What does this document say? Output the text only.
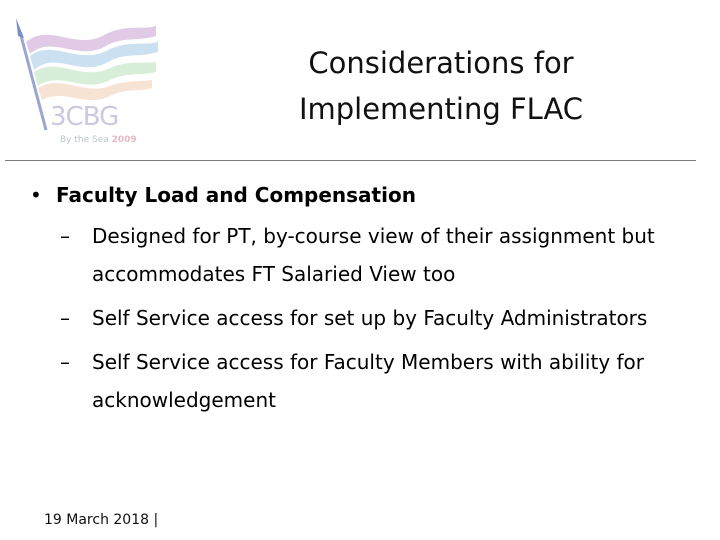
3CBG
By the Sea 2009
Considerations for
Implementing FLAC
• Faculty Load and Compensation
–	Designed for PT, by-course view of their assignment but accommodates FT Salaried View too
–	Self Service access for set up by Faculty Administrators
–	Self Service access for Faculty Members with ability for acknowledgement
19 March 2018 |
